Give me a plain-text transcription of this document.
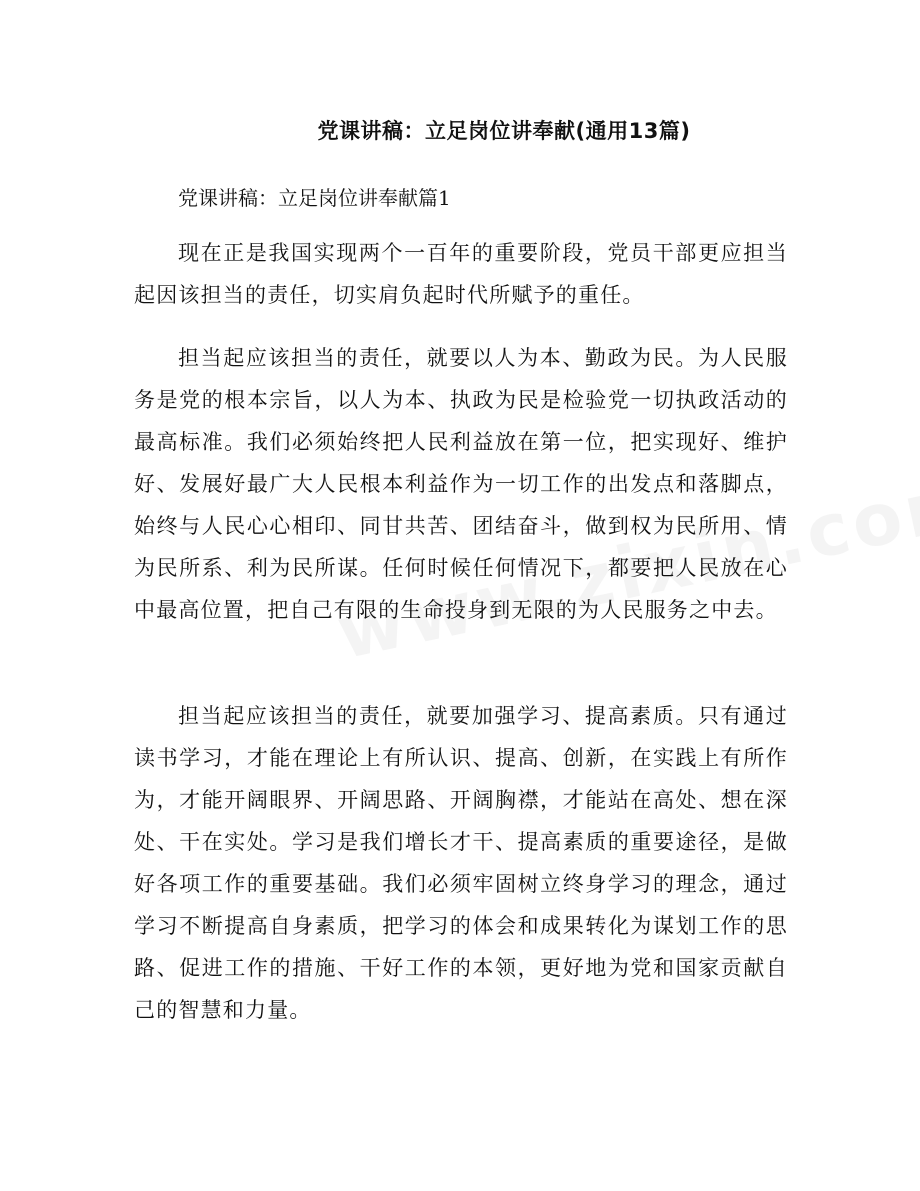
党课讲稿：立足岗位讲奉献(通用13篇)
党课讲稿：立足岗位讲奉献篇1

现在正是我国实现两个一百年的重要阶段，党员干部更应担当起因该担当的责任，切实肩负起时代所赋予的重任。

担当起应该担当的责任，就要以人为本、勤政为民。为人民服务是党的根本宗旨，以人为本、执政为民是检验党一切执政活动的最高标准。我们必须始终把人民利益放在第一位，把实现好、维护好、发展好最广大人民根本利益作为一切工作的出发点和落脚点，始终与人民心心相印、同甘共苦、团结奋斗，做到权为民所用、情为民所系、利为民所谋。任何时候任何情况下，都要把人民放在心中最高位置，把自己有限的生命投身到无限的为人民服务之中去。

担当起应该担当的责任，就要加强学习、提高素质。只有通过读书学习，才能在理论上有所认识、提高、创新，在实践上有所作为，才能开阔眼界、开阔思路、开阔胸襟，才能站在高处、想在深处、干在实处。学习是我们增长才干、提高素质的重要途径，是做好各项工作的重要基础。我们必须牢固树立终身学习的理念，通过学习不断提高自身素质，把学习的体会和成果转化为谋划工作的思路、促进工作的措施、干好工作的本领，更好地为党和国家贡献自己的智慧和力量。
